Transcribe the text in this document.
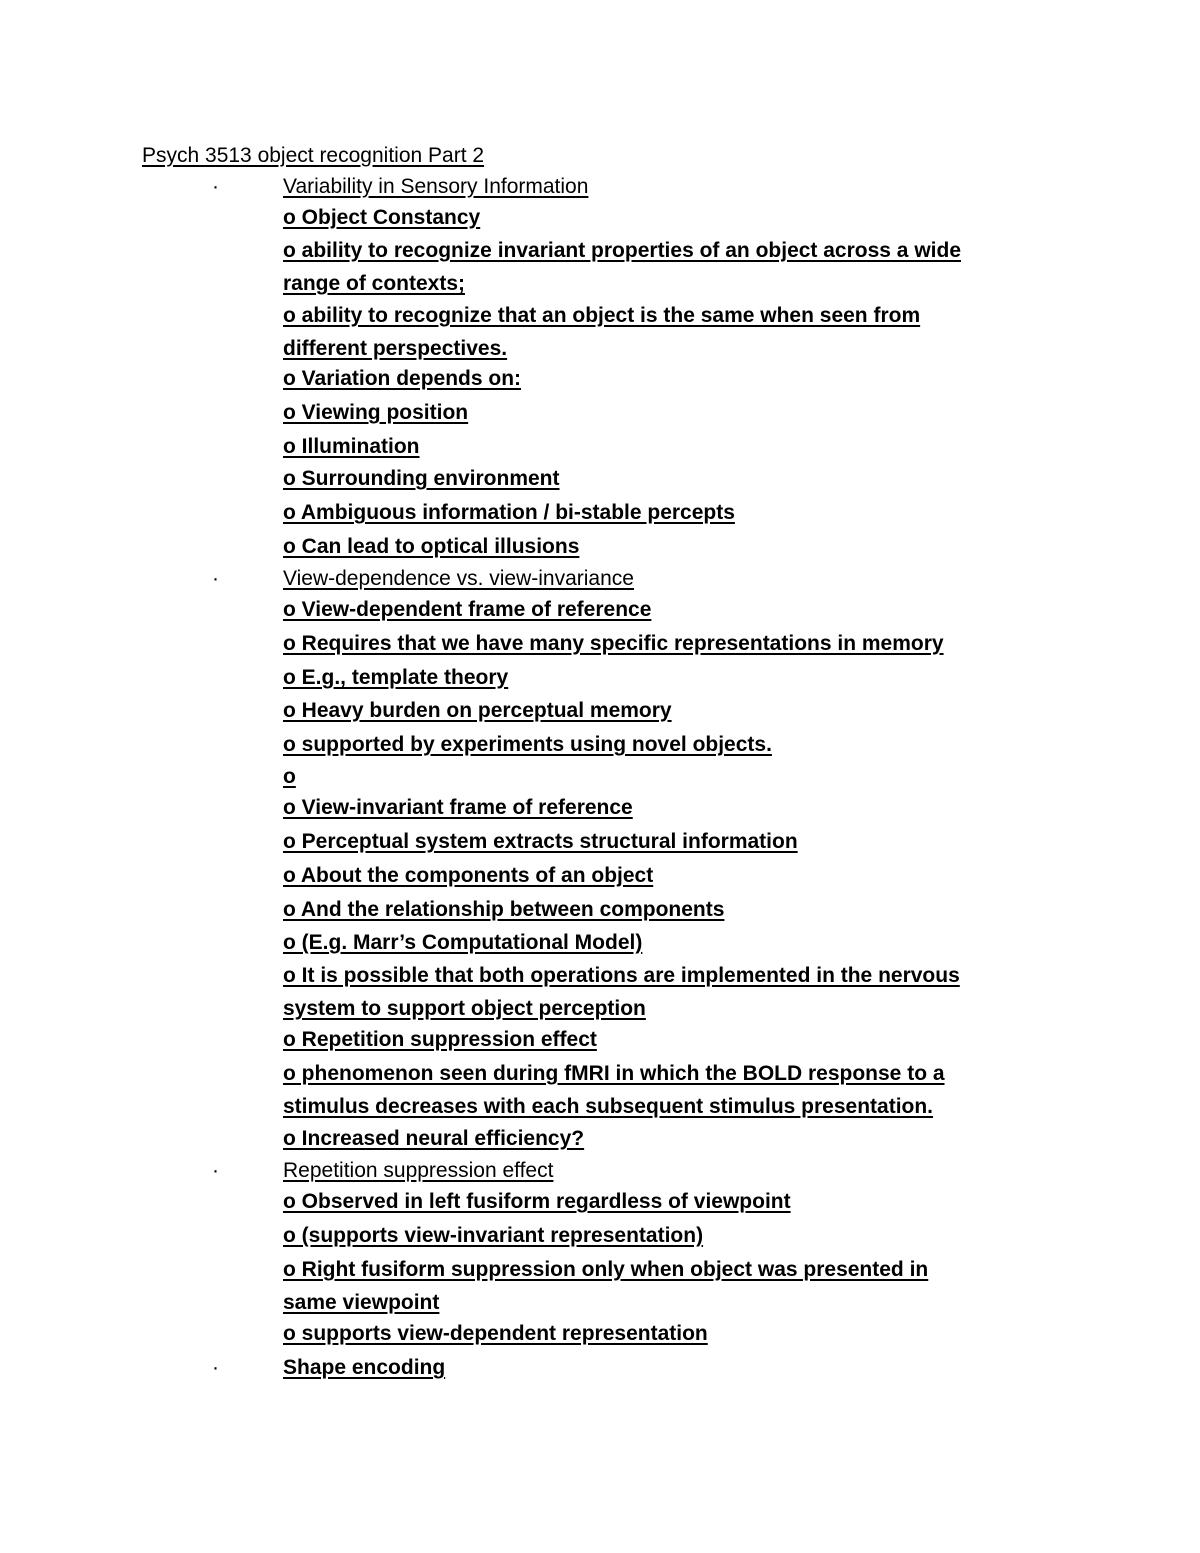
Psych 3513 object recognition Part 2
·	Variability in Sensory Information
o Object Constancy
o ability to recognize invariant properties of an object across a wide
range of contexts;
o ability to recognize that an object is the same when seen from
different perspectives.
o Variation depends on:
o Viewing position
o Illumination
o Surrounding environment
o Ambiguous information / bi-stable percepts
o Can lead to optical illusions
·	View-dependence vs. view-invariance
o View-dependent frame of reference
o Requires that we have many specific representations in memory
o E.g., template theory
o Heavy burden on perceptual memory
o supported by experiments using novel objects.
o
o View-invariant frame of reference
o Perceptual system extracts structural information
o About the components of an object
o And the relationship between components
o (E.g. Marr’s Computational Model)
o It is possible that both operations are implemented in the nervous
system to support object perception
o Repetition suppression effect
o phenomenon seen during fMRI in which the BOLD response to a
stimulus decreases with each subsequent stimulus presentation.
o Increased neural efficiency?
·	Repetition suppression effect
o Observed in left fusiform regardless of viewpoint
o (supports view-invariant representation)
o Right fusiform suppression only when object was presented in
same viewpoint
o supports view-dependent representation
·	Shape encoding
